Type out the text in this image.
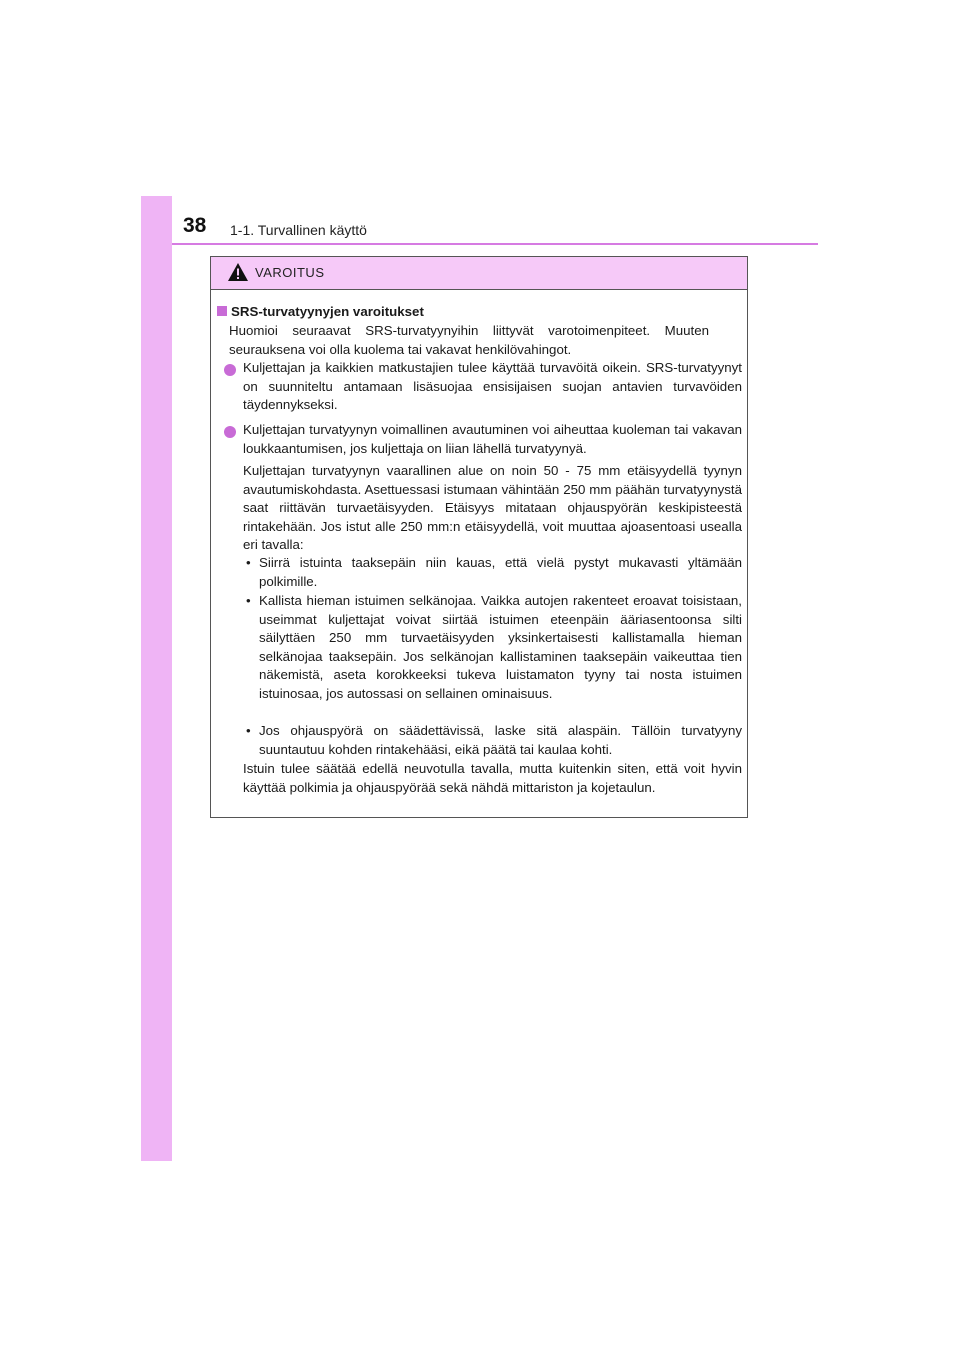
38 1-1. Turvallinen käyttö
VAROITUS
SRS-turvatyynyjen varoitukset
Huomioi seuraavat SRS-turvatyynyihin liittyvät varotoimenpiteet. Muuten seurauksena voi olla kuolema tai vakavat henkilövahingot.
Kuljettajan ja kaikkien matkustajien tulee käyttää turvavöitä oikein. SRS-turvatyynyt on suunniteltu antamaan lisäsuojaa ensisijaisen suojan antavien turvavöiden täydennykseksi.
Kuljettajan turvatyynyn voimallinen avautuminen voi aiheuttaa kuoleman tai vakavan loukkaantumisen, jos kuljettaja on liian lähellä turvatyynyä.
Kuljettajan turvatyynyn vaarallinen alue on noin 50 - 75 mm etäisyydellä tyynyn avautumiskohdasta. Asettuessasi istumaan vähintään 250 mm päähän turvatyynystä saat riittävän turvaetäisyyden. Etäisyys mitataan ohjauspyörän keskipisteestä rintakehään. Jos istut alle 250 mm:n etäisyydellä, voit muuttaa ajoasentoasi usealla eri tavalla:
• Siirrä istuinta taaksepäin niin kauas, että vielä pystyt mukavasti yltämään polkimille.
• Kallista hieman istuimen selkänojaa. Vaikka autojen rakenteet eroavat toisistaan, useimmat kuljettajat voivat siirtää istuimen eteenpäin ääriasentoonsa silti säilyttäen 250 mm turvaetäisyyden yksinkertaisesti kallistamalla hieman selkänojaa taaksepäin. Jos selkänojan kallistaminen taaksepäin vaikeuttaa tien näkemistä, aseta korokkeeksi tukeva luistamaton tyyny tai nosta istuimen istuinosaa, jos autossasi on sellainen ominaisuus.
• Jos ohjauspyörä on säädettävissä, laske sitä alaspäin. Tällöin turvatyyny suuntautuu kohden rintakehääsi, eikä päätä tai kaulaa kohti.
Istuin tulee säätää edellä neuvotulla tavalla, mutta kuitenkin siten, että voit hyvin käyttää polkimia ja ohjauspyörää sekä nähdä mittariston ja kojetaulun.
